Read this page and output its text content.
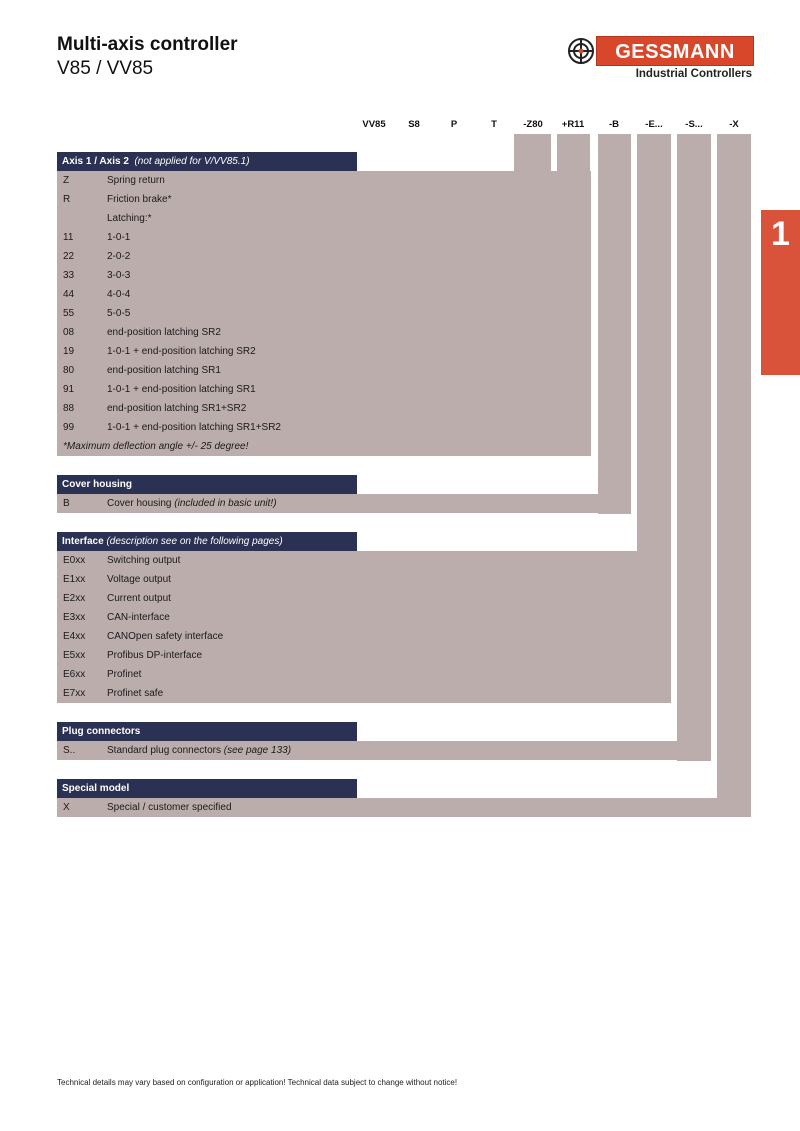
Multi-axis controller
V85 / VV85
GESSMANN
Industrial Controllers
1
VV85 S8	P	T	-Z80 +R11	-B	-E... -S...	-X
Axis 1 / Axis 2 (not applied for V/VV85.1)
Z	Spring return
R	Friction brake*
Latching:*
11	1-0-1
22	2-0-2
33	3-0-3
44	4-0-4
55	5-0-5
08	end-position latching SR2
19	1-0-1 + end-position latching SR2
80	end-position latching SR1
91	1-0-1 + end-position latching SR1
88	end-position latching SR1+SR2
99	1-0-1 + end-position latching SR1+SR2
*Maximum deflection angle +/- 25 degree!
Cover housing
B	Cover housing (included in basic unit!)
Interface (description see on the following pages)
E0xx Switching output
E1xx Voltage output
E2xx Current output
E3xx CAN-interface
E4xx CANOpen safety interface
E5xx Profibus DP-interface
E6xx Profinet
E7xx Profinet safe
Plug connectors
S..	Standard plug connectors (see page 133)
Special model
X	Special / customer specified
Technical details may vary based on configuration or application! Technical data subject to change without notice!
